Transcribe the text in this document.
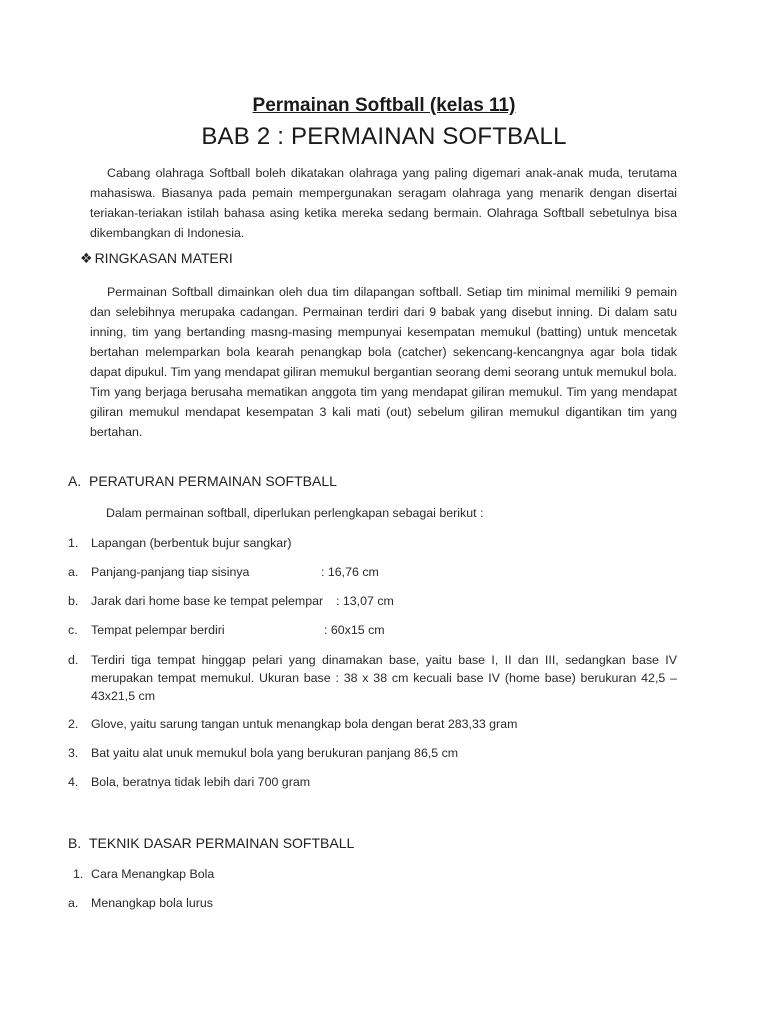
Permainan Softball (kelas 11)
BAB 2 : PERMAINAN SOFTBALL
Cabang olahraga Softball boleh dikatakan olahraga yang paling digemari anak-anak muda, terutama mahasiswa. Biasanya pada pemain mempergunakan seragam olahraga yang menarik dengan disertai teriakan-teriakan istilah bahasa asing ketika mereka sedang bermain. Olahraga Softball sebetulnya bisa dikembangkan di Indonesia.
❖ RINGKASAN MATERI
Permainan Softball dimainkan oleh dua tim dilapangan softball. Setiap tim minimal memiliki 9 pemain dan selebihnya merupaka cadangan. Permainan terdiri dari 9 babak yang disebut inning. Di dalam satu inning, tim yang bertanding masng-masing mempunyai kesempatan memukul (batting) untuk mencetak bertahan melemparkan bola kearah penangkap bola (catcher) sekencang-kencangnya agar bola tidak dapat dipukul. Tim yang mendapat giliran memukul bergantian seorang demi seorang untuk memukul bola. Tim yang berjaga berusaha mematikan anggota tim yang mendapat giliran memukul. Tim yang mendapat giliran memukul mendapat kesempatan 3 kali mati (out) sebelum giliran memukul digantikan tim yang bertahan.
A. PERATURAN PERMAINAN SOFTBALL
Dalam permainan softball, diperlukan perlengkapan sebagai berikut :
1. Lapangan (berbentuk bujur sangkar)
a. Panjang-panjang tiap sisinya	: 16,76 cm
b. Jarak dari home base ke tempat pelempar : 13,07 cm
c. Tempat pelempar berdiri	: 60x15 cm
d. Terdiri tiga tempat hinggap pelari yang dinamakan base, yaitu base I, II dan III, sedangkan base IV merupakan tempat memukul. Ukuran base : 38 x 38 cm kecuali base IV (home base) berukuran 42,5 – 43x21,5 cm
2. Glove, yaitu sarung tangan untuk menangkap bola dengan berat 283,33 gram
3. Bat yaitu alat unuk memukul bola yang berukuran panjang 86,5 cm
4. Bola, beratnya tidak lebih dari 700 gram
B. TEKNIK DASAR PERMAINAN SOFTBALL
1. Cara Menangkap Bola
a. Menangkap bola lurus
